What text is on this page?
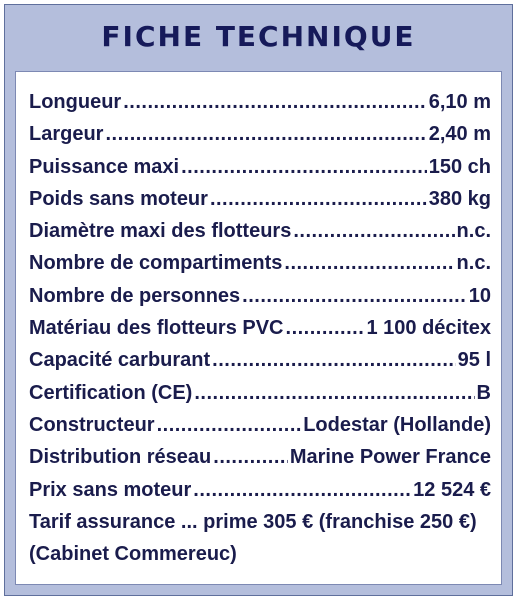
FICHE TECHNIQUE
Longueur .....	6,10 m
Largeur .....	2,40 m
Puissance maxi .....	150 ch
Poids sans moteur .....	380 kg
Diamètre maxi des flotteurs .....	n.c.
Nombre de compartiments .....	n.c.
Nombre de personnes .....	10
Matériau des flotteurs PVC .....	1 100 décitex
Capacité carburant .....	95 l
Certification (CE) .....	B
Constructeur .....	Lodestar (Hollande)
Distribution réseau .....	Marine Power France
Prix sans moteur .....	12 524 €
Tarif assurance ... prime 305 € (franchise 250 €)
(Cabinet Commereuc)
